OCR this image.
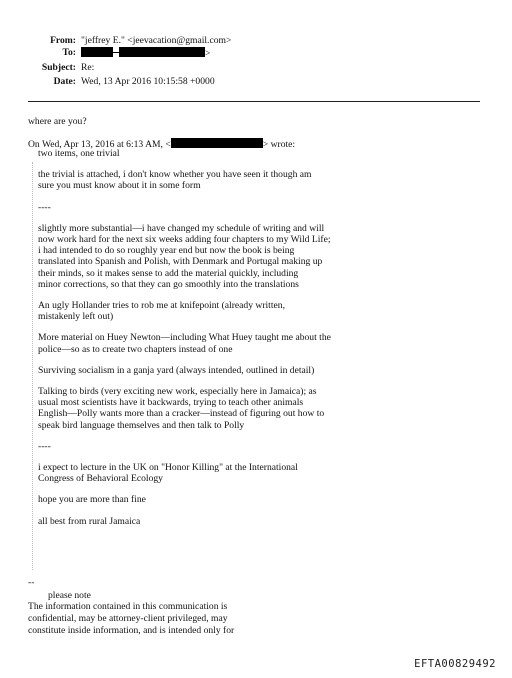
From: "jeffrey E." <jeevacation@gmail.com>
To:	>
Subject: Re:
Date: Wed, 13 Apr 2016 10:15:58 +0000
where are you?
On Wed, Apr 13, 2016 at 6:13 AM, <	> wrote:
two items, one trivial
the trivial is attached, i don't know whether you have seen it though am
sure you must know about it in some form
----
slightly more substantial—i have changed my schedule of writing and will
now work hard for the next six weeks adding four chapters to my Wild Life;
i had intended to do so roughly year end but now the book is being
translated into Spanish and Polish, with Denmark and Portugal making up
their minds, so it makes sense to add the material quickly, including
minor corrections, so that they can go smoothly into the translations
An ugly Hollander tries to rob me at knifepoint (already written,
mistakenly left out)
More material on Huey Newton—including What Huey taught me about the
police—so as to create two chapters instead of one
Surviving socialism in a ganja yard (always intended, outlined in detail)
Talking to birds (very exciting new work, especially here in Jamaica); as
usual most scientists have it backwards, trying to teach other animals
English—Polly wants more than a cracker—instead of figuring out how to
speak bird language themselves and then talk to Polly
----
i expect to lecture in the UK on "Honor Killing" at the International
Congress of Behavioral Ecology
hope you are more than fine
all best from rural Jamaica
--
please note
The information contained in this communication is
confidential, may be attorney-client privileged, may
constitute inside information, and is intended only for
EFTA00829492
